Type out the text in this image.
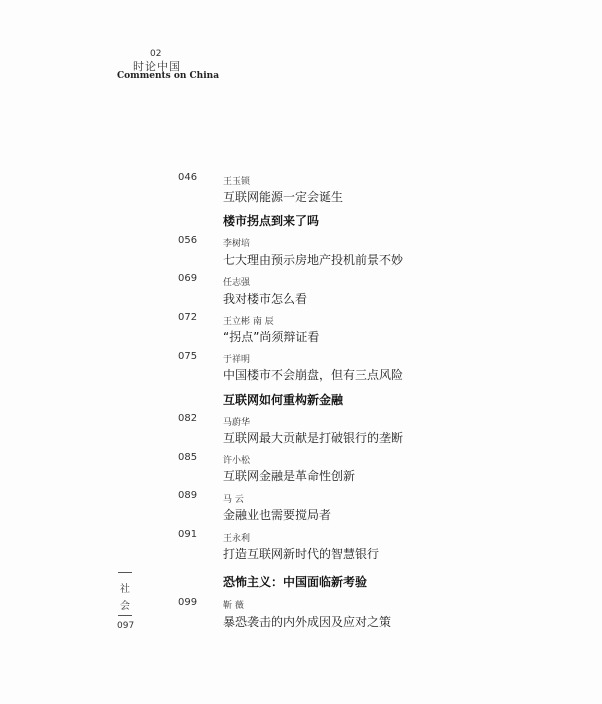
02
时论中国
Comments on China
046	王玉锁
互联网能源一定会诞生
楼市拐点到来了吗
056	李树培
七大理由预示房地产投机前景不妙
069	任志强
我对楼市怎么看
072	王立彬 南 辰
“拐点”尚须辩证看
075	于祥明
中国楼市不会崩盘，但有三点风险
互联网如何重构新金融
082	马蔚华
互联网最大贡献是打破银行的垄断
085	许小松
互联网金融是革命性创新
089	马 云
金融业也需要搅局者
091	王永利
打造互联网新时代的智慧银行
恐怖主义：中国面临新考验
099	靳 薇
暴恐袭击的内外成因及应对之策
社
会
097
